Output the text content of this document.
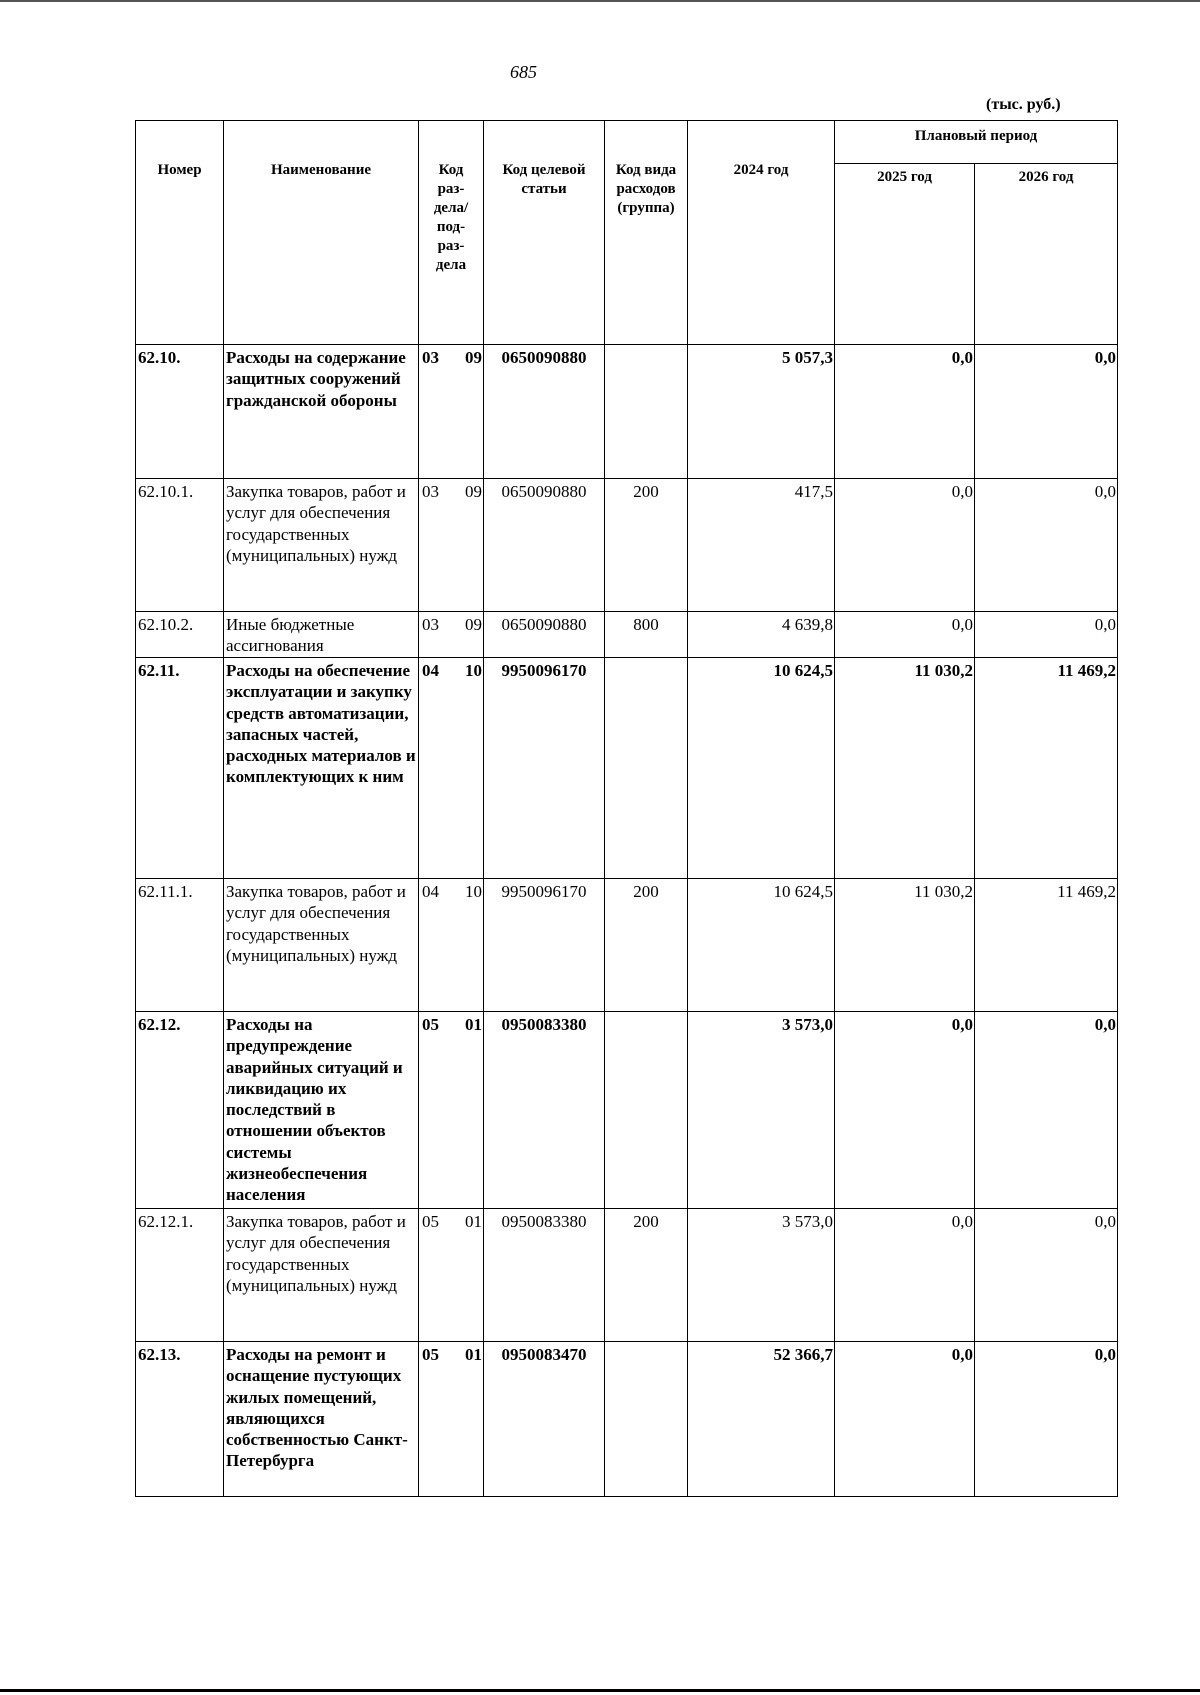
685
(тыс. руб.)
Номер	Наименование	Код раз-дела/ под-раз-дела	Код целевой статьи	Код вида расходов (группа)	2024 год	Плановый период	
						2025 год	2026 год
62.10.	Расходы на содержание защитных сооружений гражданской обороны	03 09	0650090880		5 057,3	0,0	0,0
62.10.1.	Закупка товаров, работ и услуг для обеспечения государственных (муниципальных) нужд	03 09	0650090880	200	417,5	0,0	0,0
62.10.2.	Иные бюджетные ассигнования	03 09	0650090880	800	4 639,8	0,0	0,0
62.11.	Расходы на обеспечение эксплуатации и закупку средств автоматизации, запасных частей, расходных материалов и комплектующих к ним	04 10	9950096170		10 624,5	11 030,2	11 469,2
62.11.1.	Закупка товаров, работ и услуг для обеспечения государственных (муниципальных) нужд	04 10	9950096170	200	10 624,5	11 030,2	11 469,2
62.12.	Расходы на предупреждение аварийных ситуаций и ликвидацию их последствий в отношении объектов системы жизнеобеспечения населения	05 01	0950083380		3 573,0	0,0	0,0
62.12.1.	Закупка товаров, работ и услуг для обеспечения государственных (муниципальных) нужд	05 01	0950083380	200	3 573,0	0,0	0,0
62.13.	Расходы на ремонт и оснащение пустующих жилых помещений, являющихся собственностью Санкт-Петербурга	05 01	0950083470		52 366,7	0,0	0,0
